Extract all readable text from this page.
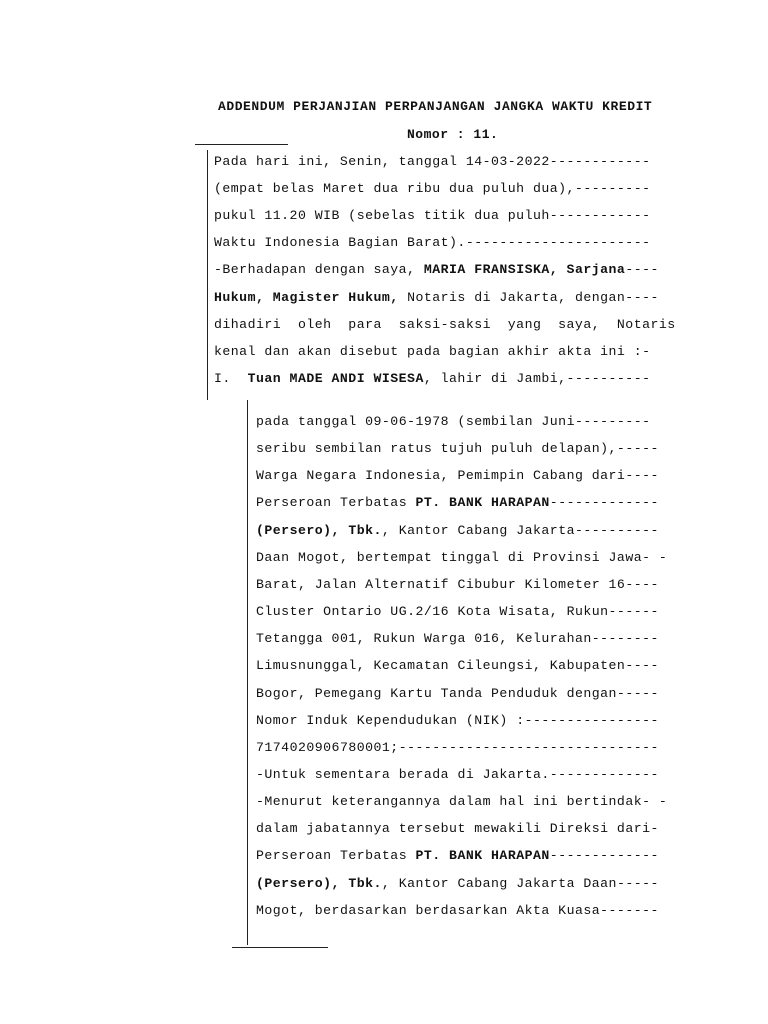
ADDENDUM PERJANJIAN PERPANJANGAN JANGKA WAKTU KREDIT
Nomor : 11.
Pada hari ini, Senin, tanggal 14-03-2022------------
(empat belas Maret dua ribu dua puluh dua),---------
pukul 11.20 WIB (sebelas titik dua puluh------------
Waktu Indonesia Bagian Barat).----------------------
-Berhadapan dengan saya, MARIA FRANSISKA, Sarjana----
Hukum, Magister Hukum, Notaris di Jakarta, dengan----
dihadiri  oleh  para  saksi-saksi  yang  saya,  Notaris
kenal dan akan disebut pada bagian akhir akta ini :-
I.  Tuan MADE ANDI WISESA, lahir di Jambi,----------
pada tanggal 09-06-1978 (sembilan Juni---------
seribu sembilan ratus tujuh puluh delapan),-----
Warga Negara Indonesia, Pemimpin Cabang dari----
Perseroan Terbatas PT. BANK HARAPAN-------------
(Persero), Tbk., Kantor Cabang Jakarta----------
Daan Mogot, bertempat tinggal di Provinsi Jawa- -
Barat, Jalan Alternatif Cibubur Kilometer 16----
Cluster Ontario UG.2/16 Kota Wisata, Rukun------
Tetangga 001, Rukun Warga 016, Kelurahan--------
Limusnunggal, Kecamatan Cileungsi, Kabupaten----
Bogor, Pemegang Kartu Tanda Penduduk dengan-----
Nomor Induk Kependudukan (NIK) :----------------
7174020906780001;-------------------------------
-Untuk sementara berada di Jakarta.-------------
-Menurut keterangannya dalam hal ini bertindak- -
dalam jabatannya tersebut mewakili Direksi dari-
Perseroan Terbatas PT. BANK HARAPAN-------------
(Persero), Tbk., Kantor Cabang Jakarta Daan-----
Mogot, berdasarkan berdasarkan Akta Kuasa-------
